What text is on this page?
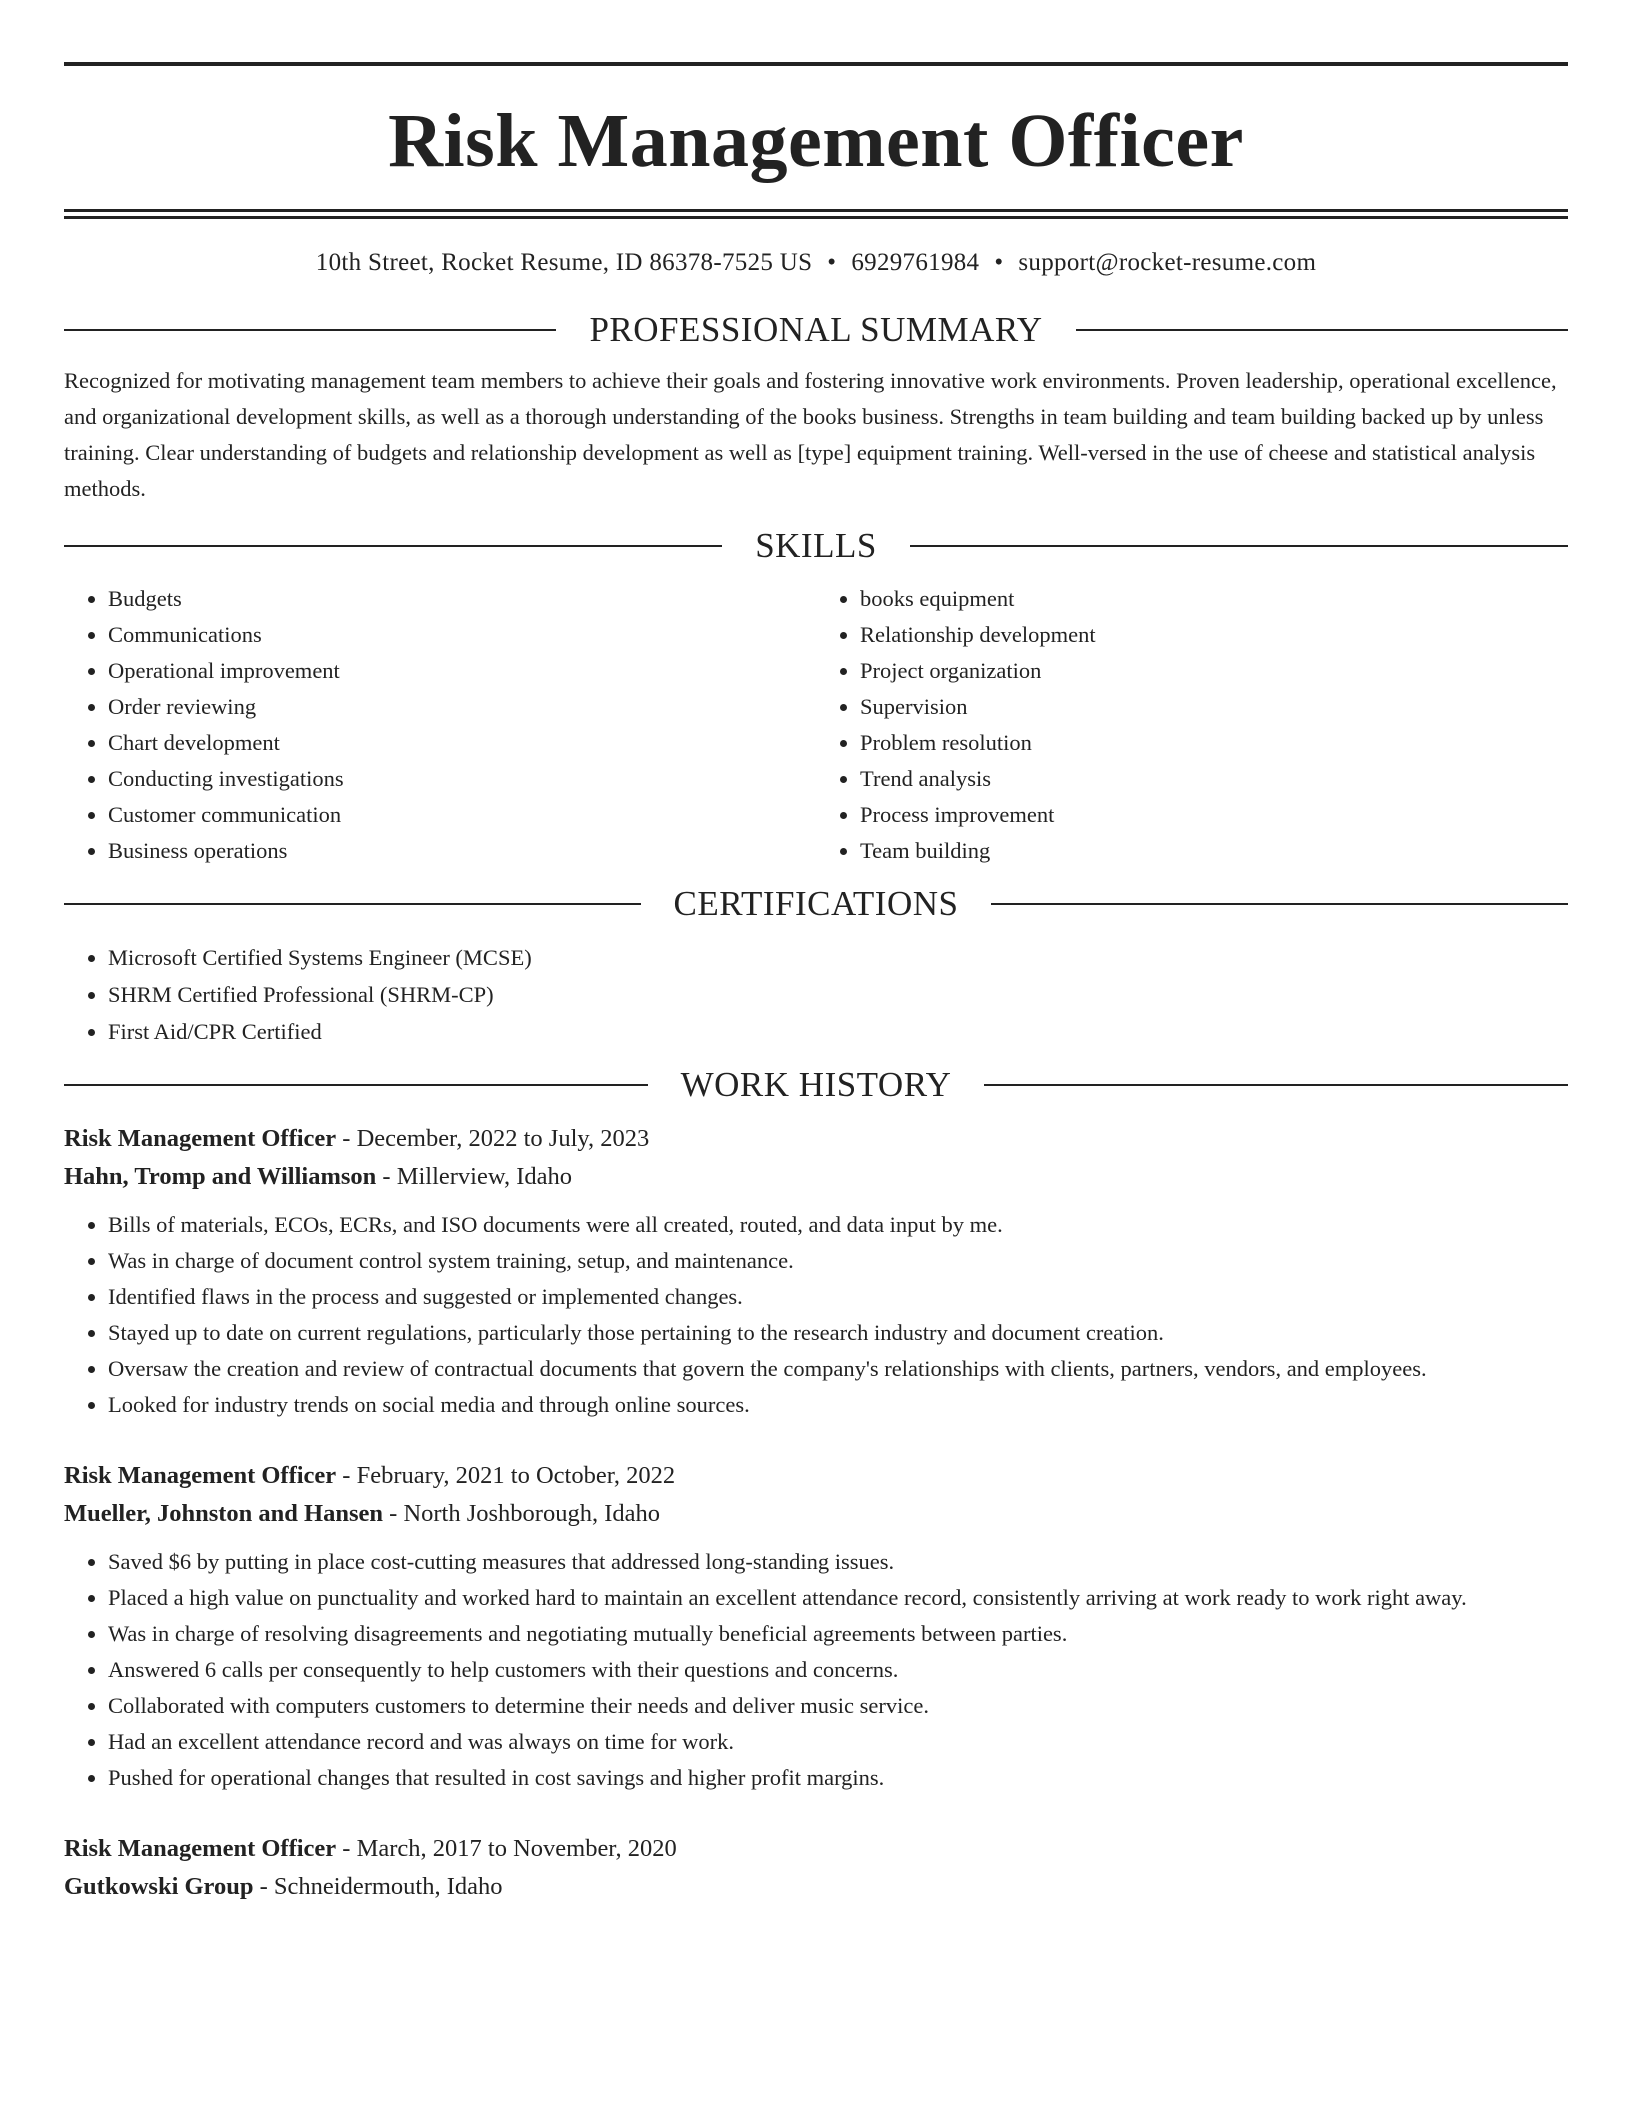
Risk Management Officer
10th Street, Rocket Resume, ID 86378-7525 US • 6929761984 • support@rocket-resume.com
PROFESSIONAL SUMMARY

Recognized for motivating management team members to achieve their goals and fostering innovative work environments. Proven leadership, operational excellence, and organizational development skills, as well as a thorough understanding of the books business. Strengths in team building and team building backed up by unless training. Clear understanding of budgets and relationship development as well as [type] equipment training. Well-versed in the use of cheese and statistical analysis methods.

SKILLS
• Budgets
• Communications
• Operational improvement
• Order reviewing
• Chart development
• Conducting investigations
• Customer communication
• Business operations
• books equipment
• Relationship development
• Project organization
• Supervision
• Problem resolution
• Trend analysis
• Process improvement
• Team building
CERTIFICATIONS
• Microsoft Certified Systems Engineer (MCSE)
• SHRM Certified Professional (SHRM-CP)
• First Aid/CPR Certified
WORK HISTORY
Risk Management Officer - December, 2022 to July, 2023
Hahn, Tromp and Williamson - Millerview, Idaho
• Bills of materials, ECOs, ECRs, and ISO documents were all created, routed, and data input by me.
• Was in charge of document control system training, setup, and maintenance.
• Identified flaws in the process and suggested or implemented changes.
• Stayed up to date on current regulations, particularly those pertaining to the research industry and document creation.
• Oversaw the creation and review of contractual documents that govern the company's relationships with clients, partners, vendors, and employees.
• Looked for industry trends on social media and through online sources.
Risk Management Officer - February, 2021 to October, 2022
Mueller, Johnston and Hansen - North Joshborough, Idaho
• Saved $6 by putting in place cost-cutting measures that addressed long-standing issues.
• Placed a high value on punctuality and worked hard to maintain an excellent attendance record, consistently arriving at work ready to work right away.
• Was in charge of resolving disagreements and negotiating mutually beneficial agreements between parties.
• Answered 6 calls per consequently to help customers with their questions and concerns.
• Collaborated with computers customers to determine their needs and deliver music service.
• Had an excellent attendance record and was always on time for work.
• Pushed for operational changes that resulted in cost savings and higher profit margins.
Risk Management Officer - March, 2017 to November, 2020
Gutkowski Group - Schneidermouth, Idaho
